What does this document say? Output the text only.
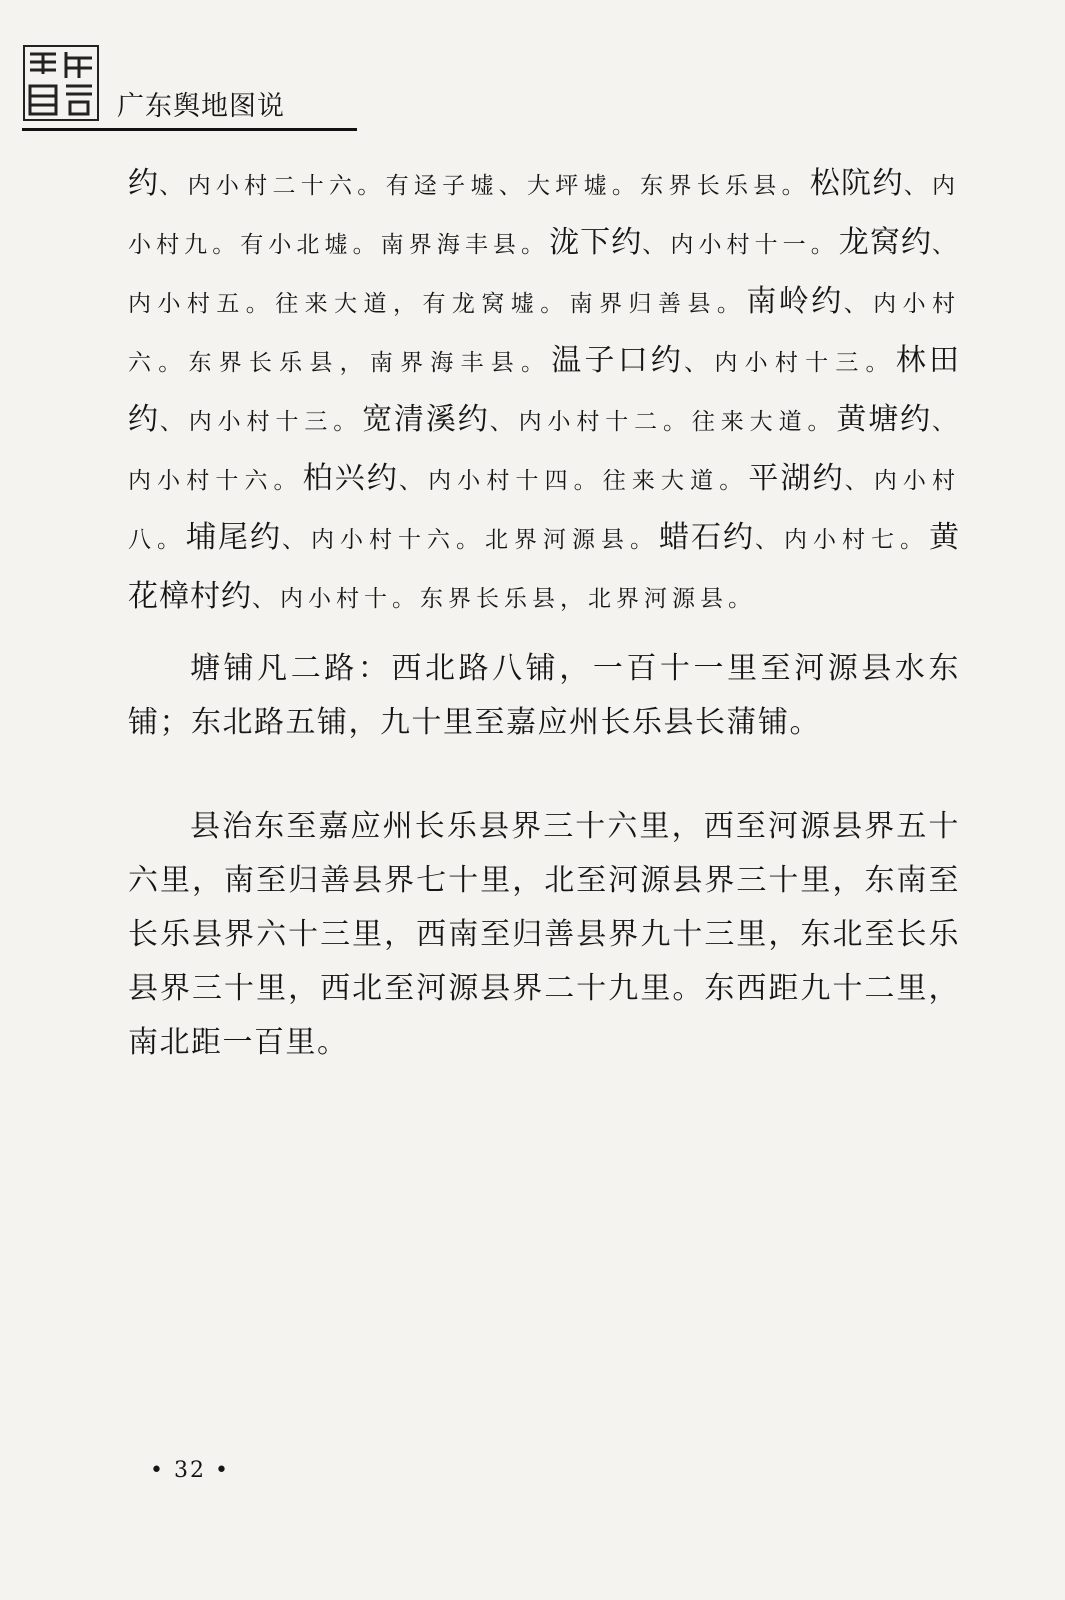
广东舆地图说

约、内小村二十六。有迳子墟、大坪墟。东界长乐县。松阬约、内小村九。有小北墟。南界海丰县。泷下约、内小村十一。龙窝约、内小村五。往来大道，有龙窝墟。南界归善县。南岭约、内小村六。东界长乐县，南界海丰县。温子口约、内小村十三。林田约、内小村十三。宽清溪约、内小村十二。往来大道。黄塘约、内小村十六。柏兴约、内小村十四。往来大道。平湖约、内小村八。埔尾约、内小村十六。北界河源县。蜡石约、内小村七。黄花樟村约、内小村十。东界长乐县，北界河源县。

塘铺凡二路：西北路八铺，一百十一里至河源县水东铺；东北路五铺，九十里至嘉应州长乐县长蒲铺。

县治东至嘉应州长乐县界三十六里，西至河源县界五十六里，南至归善县界七十里，北至河源县界三十里，东南至长乐县界六十三里，西南至归善县界九十三里，东北至长乐县界三十里，西北至河源县界二十九里。东西距九十二里，南北距一百里。

• 32 •
